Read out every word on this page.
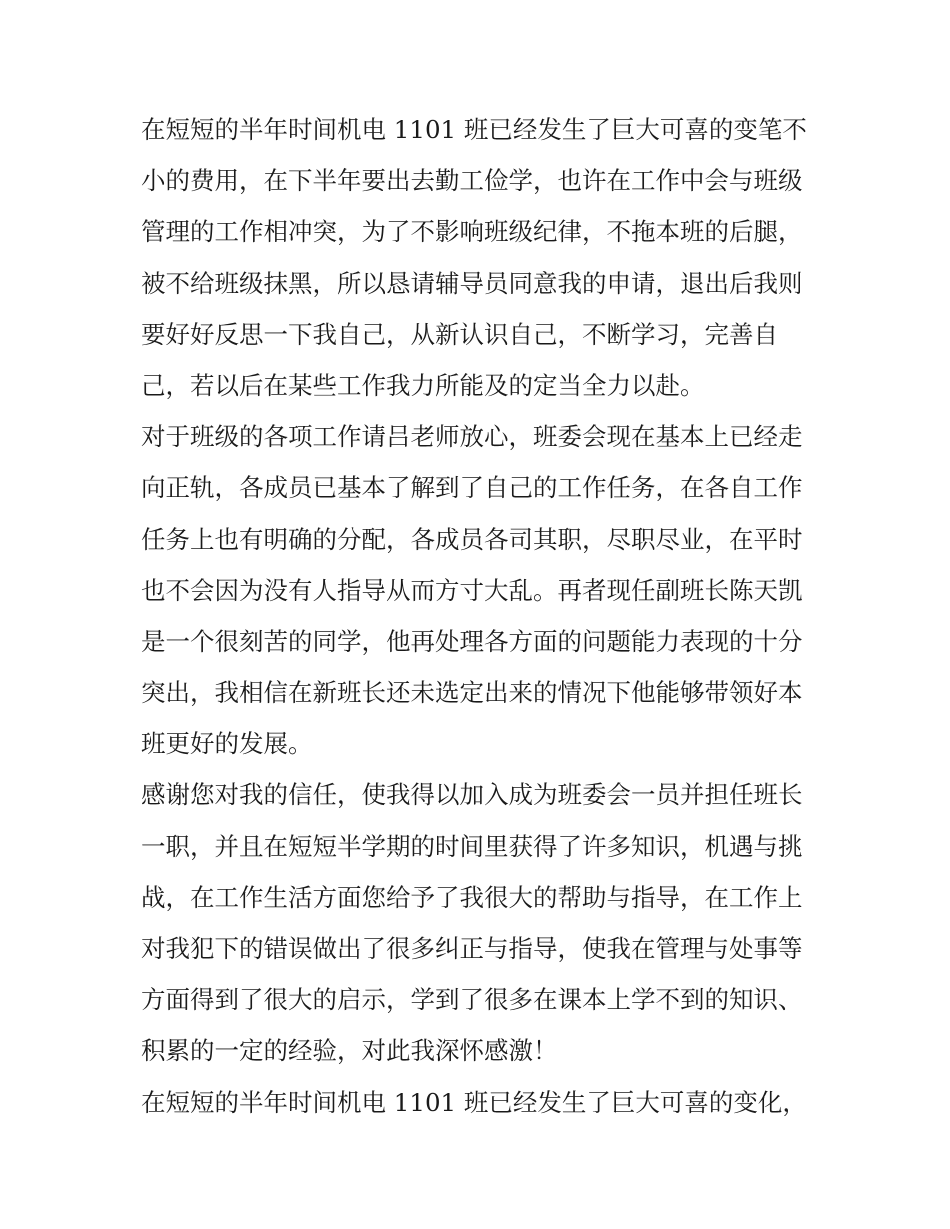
在短短的半年时间机电 1101 班已经发生了巨大可喜的变笔不
小的费用，在下半年要出去勤工俭学，也许在工作中会与班级
管理的工作相冲突，为了不影响班级纪律，不拖本班的后腿，
被不给班级抹黑，所以恳请辅导员同意我的申请，退出后我则
要好好反思一下我自己，从新认识自己，不断学习，完善自
己，若以后在某些工作我力所能及的定当全力以赴。
对于班级的各项工作请吕老师放心，班委会现在基本上已经走
向正轨，各成员已基本了解到了自己的工作任务，在各自工作
任务上也有明确的分配，各成员各司其职，尽职尽业，在平时
也不会因为没有人指导从而方寸大乱。再者现任副班长陈天凯
是一个很刻苦的同学，他再处理各方面的问题能力表现的十分
突出，我相信在新班长还未选定出来的情况下他能够带领好本
班更好的发展。
感谢您对我的信任，使我得以加入成为班委会一员并担任班长
一职，并且在短短半学期的时间里获得了许多知识，机遇与挑
战，在工作生活方面您给予了我很大的帮助与指导，在工作上
对我犯下的错误做出了很多纠正与指导，使我在管理与处事等
方面得到了很大的启示，学到了很多在课本上学不到的知识、
积累的一定的经验，对此我深怀感激！
在短短的半年时间机电 1101 班已经发生了巨大可喜的变化，
